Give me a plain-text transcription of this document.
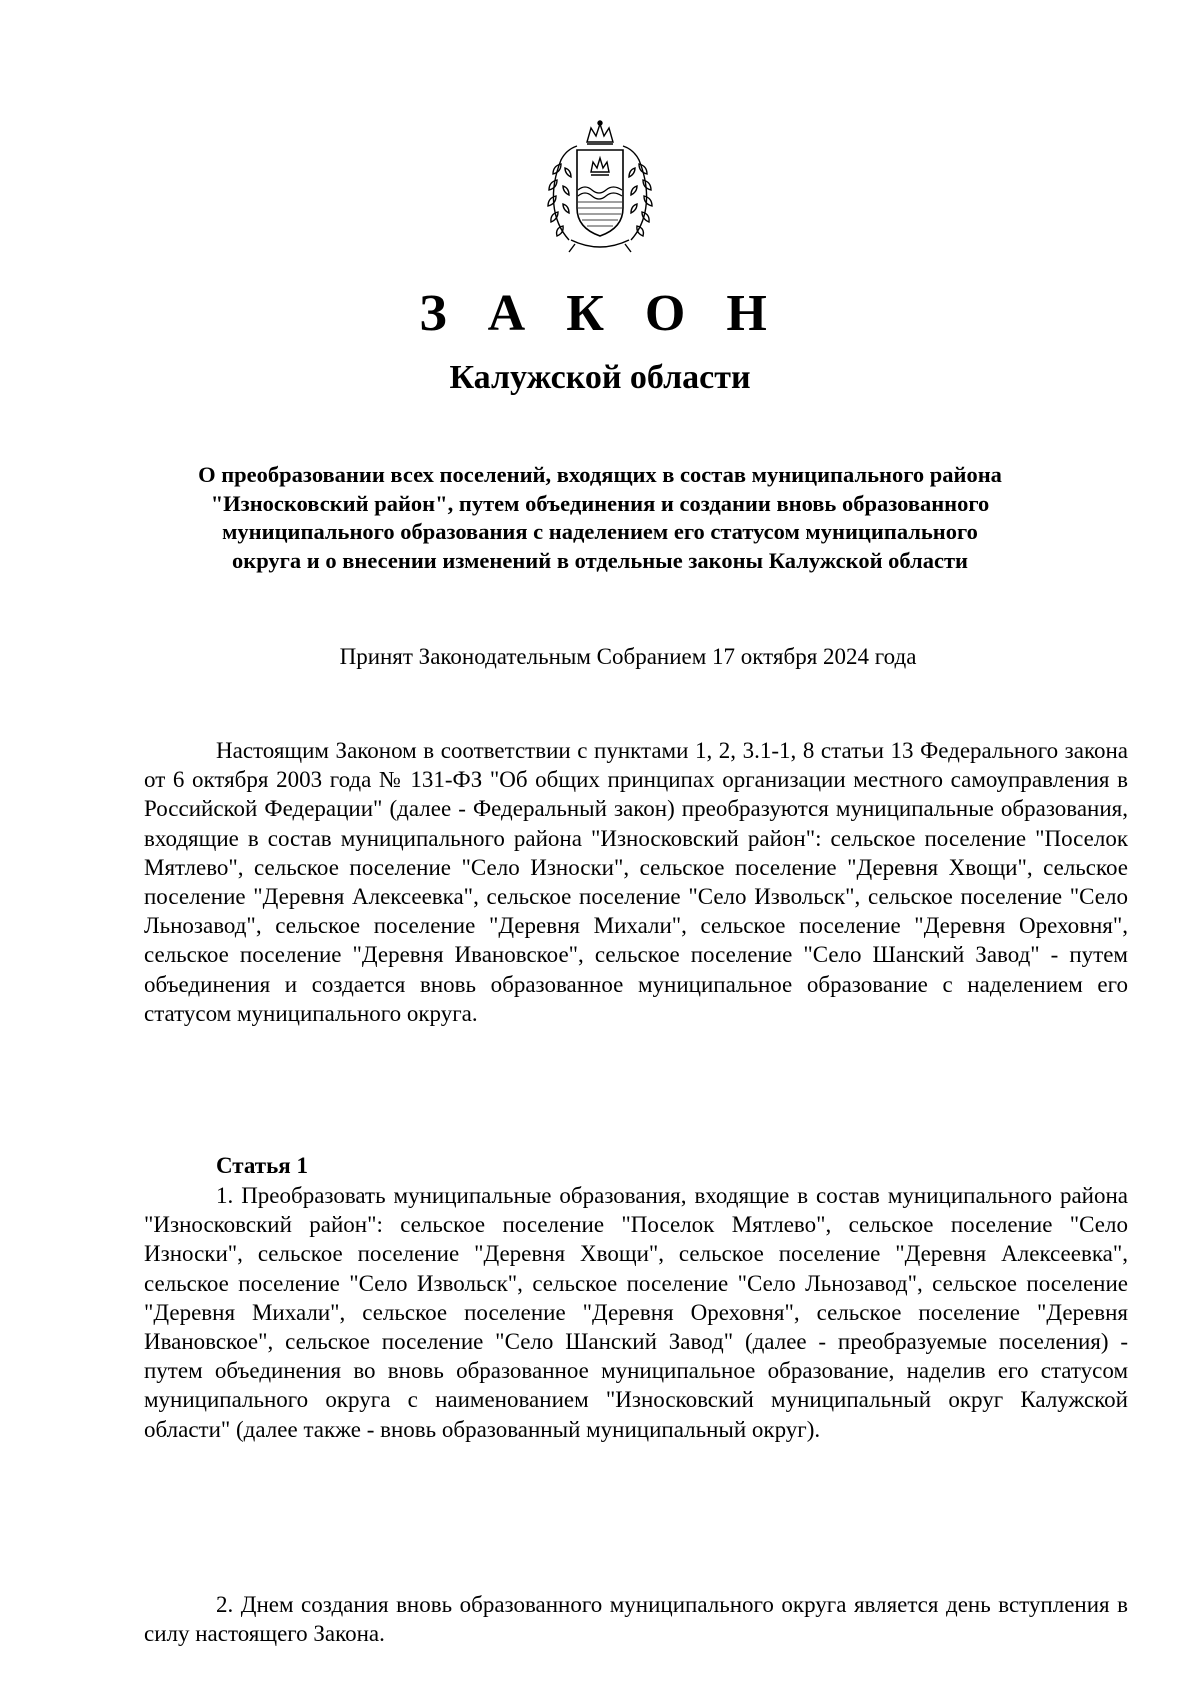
З А К О Н
Калужской области
О преобразовании всех поселений, входящих в состав муниципального района
"Износковский район", путем объединения и создании вновь образованного
муниципального образования с наделением его статусом муниципального
округа и о внесении изменений в отдельные законы Калужской области
Принят Законодательным Собранием 17 октября 2024 года

Настоящим Законом в соответствии с пунктами 1, 2, 3.1-1, 8 статьи 13 Федерального закона от 6 октября 2003 года № 131-ФЗ "Об общих принципах организации местного самоуправления в Российской Федерации" (далее - Федеральный закон) преобразуются муниципальные образования, входящие в состав муниципального района "Износковский район": сельское поселение "Поселок Мятлево", сельское поселение "Село Износки", сельское поселение "Деревня Хвощи", сельское поселение "Деревня Алексеевка", сельское поселение "Село Извольск", сельское поселение "Село Льнозавод", сельское поселение "Деревня Михали", сельское поселение "Деревня Ореховня", сельское поселение "Деревня Ивановское", сельское поселение "Село Шанский Завод" - путем объединения и создается вновь образованное муниципальное образование с наделением его статусом муниципального округа.

Статья 1

1. Преобразовать муниципальные образования, входящие в состав муниципального района "Износковский район": сельское поселение "Поселок Мятлево", сельское поселение "Село Износки", сельское поселение "Деревня Хвощи", сельское поселение "Деревня Алексеевка", сельское поселение "Село Извольск", сельское поселение "Село Льнозавод", сельское поселение "Деревня Михали", сельское поселение "Деревня Ореховня", сельское поселение "Деревня Ивановское", сельское поселение "Село Шанский Завод" (далее - преобразуемые поселения) - путем объединения во вновь образованное муниципальное образование, наделив его статусом муниципального округа с наименованием "Износковский муниципальный округ Калужской области" (далее также - вновь образованный муниципальный округ).

2. Днем создания вновь образованного муниципального округа является день вступления в силу настоящего Закона.
